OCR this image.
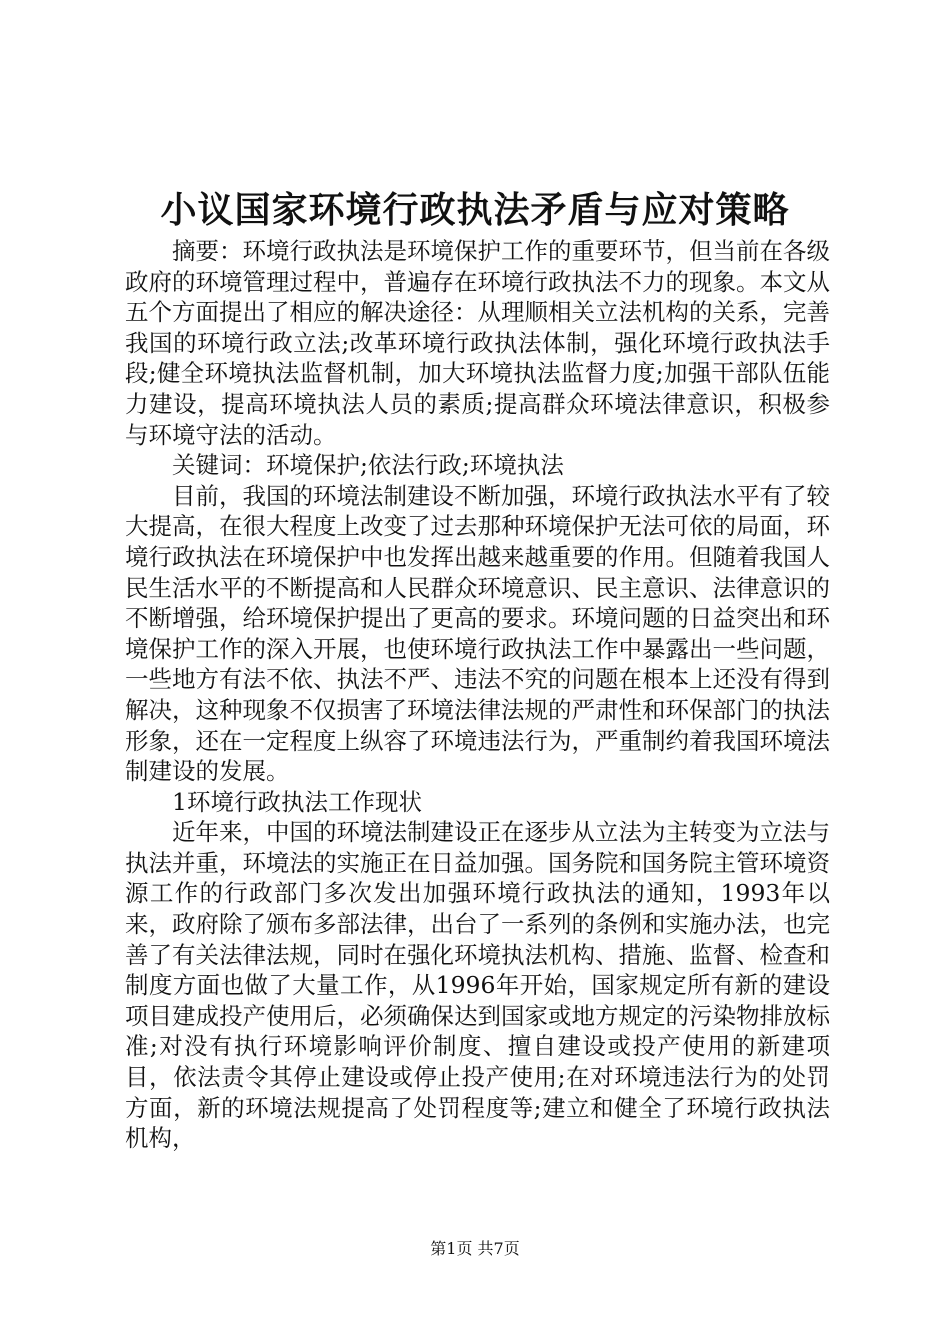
小议国家环境行政执法矛盾与应对策略

摘要：环境行政执法是环境保护工作的重要环节，但当前在各级政府的环境管理过程中，普遍存在环境行政执法不力的现象。本文从五个方面提出了相应的解决途径：从理顺相关立法机构的关系，完善我国的环境行政立法;改革环境行政执法体制，强化环境行政执法手段;健全环境执法监督机制，加大环境执法监督力度;加强干部队伍能力建设，提高环境执法人员的素质;提高群众环境法律意识，积极参与环境守法的活动。

关键词：环境保护;依法行政;环境执法

目前，我国的环境法制建设不断加强，环境行政执法水平有了较大提高，在很大程度上改变了过去那种环境保护无法可依的局面，环境行政执法在环境保护中也发挥出越来越重要的作用。但随着我国人民生活水平的不断提高和人民群众环境意识、民主意识、法律意识的不断增强，给环境保护提出了更高的要求。环境问题的日益突出和环境保护工作的深入开展，也使环境行政执法工作中暴露出一些问题，一些地方有法不依、执法不严、违法不究的问题在根本上还没有得到解决，这种现象不仅损害了环境法律法规的严肃性和环保部门的执法形象，还在一定程度上纵容了环境违法行为，严重制约着我国环境法制建设的发展。

1环境行政执法工作现状

近年来，中国的环境法制建设正在逐步从立法为主转变为立法与执法并重，环境法的实施正在日益加强。国务院和国务院主管环境资源工作的行政部门多次发出加强环境行政执法的通知，1993年以来，政府除了颁布多部法律，出台了一系列的条例和实施办法，也完善了有关法律法规，同时在强化环境执法机构、措施、监督、检查和制度方面也做了大量工作，从1996年开始，国家规定所有新的建设项目建成投产使用后，必须确保达到国家或地方规定的污染物排放标准;对没有执行环境影响评价制度、擅自建设或投产使用的新建项目，依法责令其停止建设或停止投产使用;在对环境违法行为的处罚方面，新的环境法规提高了处罚程度等;建立和健全了环境行政执法机构，

第1页 共7页
